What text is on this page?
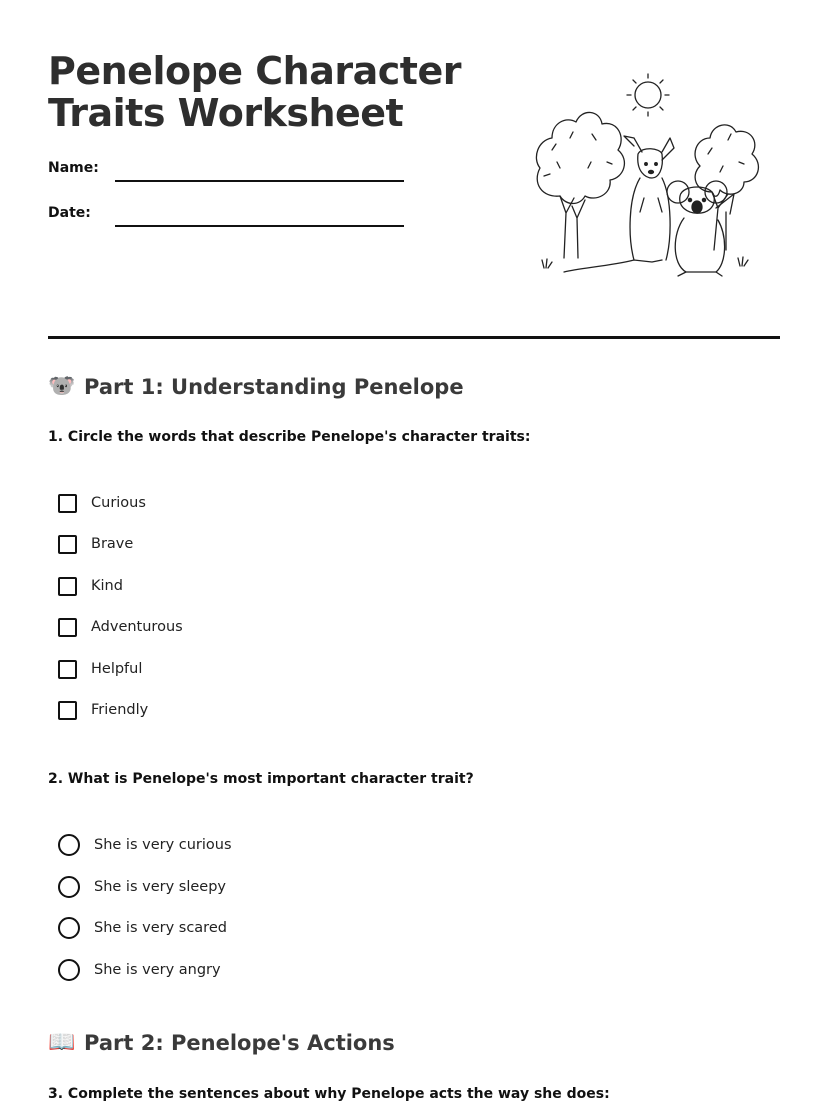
Penelope Character Traits Worksheet
Name:
Date:
🐨 Part 1: Understanding Penelope

1. Circle the words that describe Penelope's character traits:

Curious
Brave
Kind
Adventurous
Helpful
Friendly

2. What is Penelope's most important character trait?

She is very curious
She is very sleepy
She is very scared
She is very angry
📖 Part 2: Penelope's Actions

3. Complete the sentences about why Penelope acts the way she does:
